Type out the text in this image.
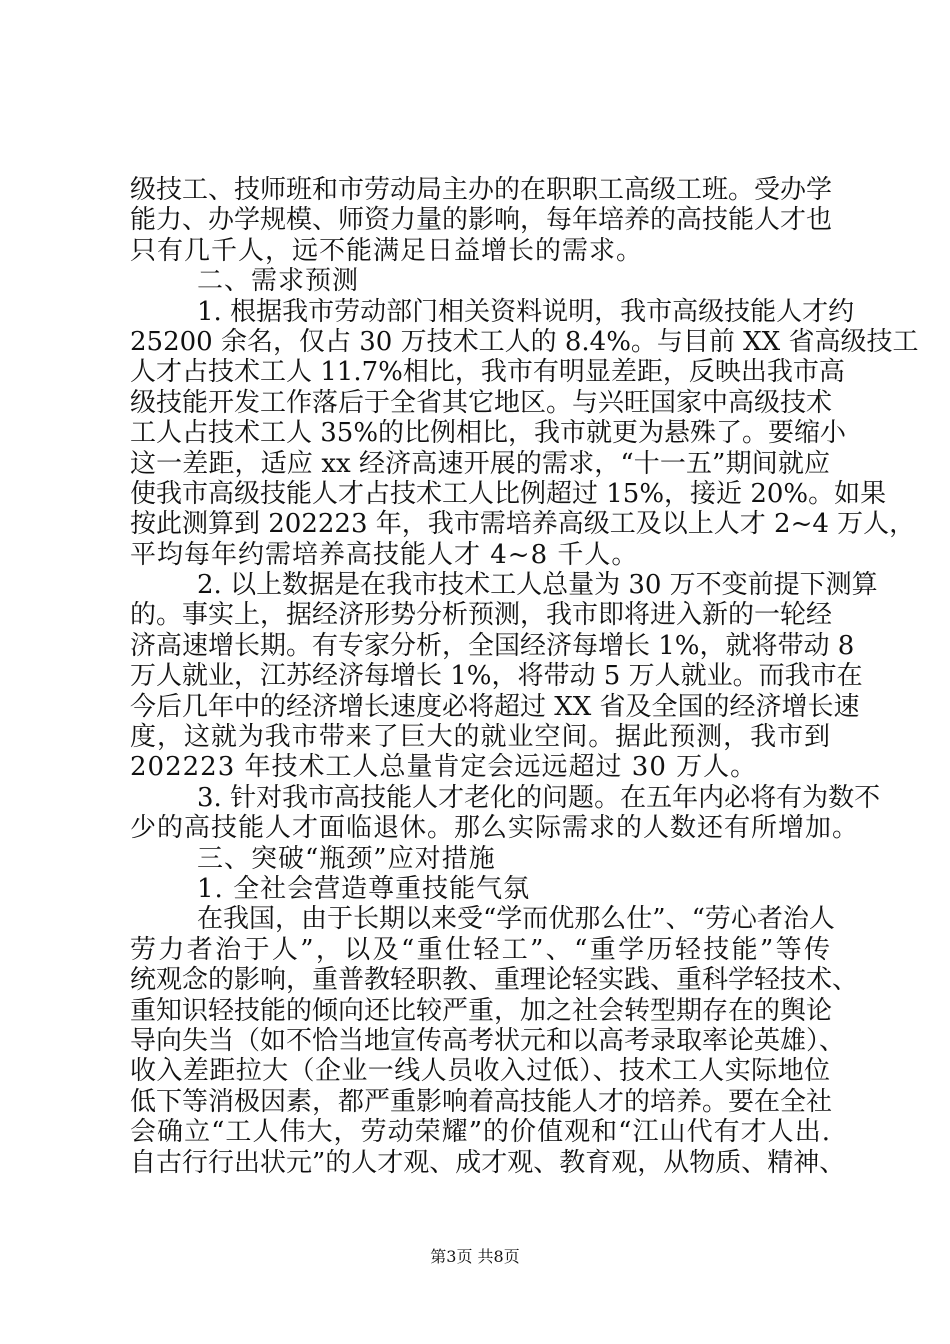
级技工、技师班和市劳动局主办的在职职工高级工班。受办学
能力、办学规模、师资力量的影响，每年培养的高技能人才也
只有几千人，远不能满足日益增长的需求。
二、需求预测
1. 根据我市劳动部门相关资料说明，我市高级技能人才约
25200 余名，仅占 30 万技术工人的 8.4%。与目前 XX 省高级技工
人才占技术工人 11.7%相比，我市有明显差距，反映出我市高
级技能开发工作落后于全省其它地区。与兴旺国家中高级技术
工人占技术工人 35%的比例相比，我市就更为悬殊了。要缩小
这一差距，适应 xx 经济高速开展的需求，“十一五”期间就应
使我市高级技能人才占技术工人比例超过 15%，接近 20%。如果
按此测算到 202223 年，我市需培养高级工及以上人才 2~4 万人，
平均每年约需培养高技能人才 4~8 千人。
2. 以上数据是在我市技术工人总量为 30 万不变前提下测算
的。事实上，据经济形势分析预测，我市即将进入新的一轮经
济高速增长期。有专家分析，全国经济每增长 1%，就将带动 8
万人就业，江苏经济每增长 1%，将带动 5 万人就业。而我市在
今后几年中的经济增长速度必将超过 XX 省及全国的经济增长速
度，这就为我市带来了巨大的就业空间。据此预测，我市到
202223 年技术工人总量肯定会远远超过 30 万人。
3. 针对我市高技能人才老化的问题。在五年内必将有为数不
少的高技能人才面临退休。那么实际需求的人数还有所增加。
三、突破“瓶颈”应对措施
1. 全社会营造尊重技能气氛
在我国，由于长期以来受“学而优那么仕”、“劳心者治人
劳力者治于人”，以及“重仕轻工”、“重学历轻技能”等传
统观念的影响，重普教轻职教、重理论轻实践、重科学轻技术、
重知识轻技能的倾向还比较严重，加之社会转型期存在的舆论
导向失当（如不恰当地宣传高考状元和以高考录取率论英雄）、
收入差距拉大（企业一线人员收入过低）、技术工人实际地位
低下等消极因素，都严重影响着高技能人才的培养。要在全社
会确立“工人伟大，劳动荣耀”的价值观和“江山代有才人出.
自古行行出状元”的人才观、成才观、教育观，从物质、精神、
第3页 共8页
